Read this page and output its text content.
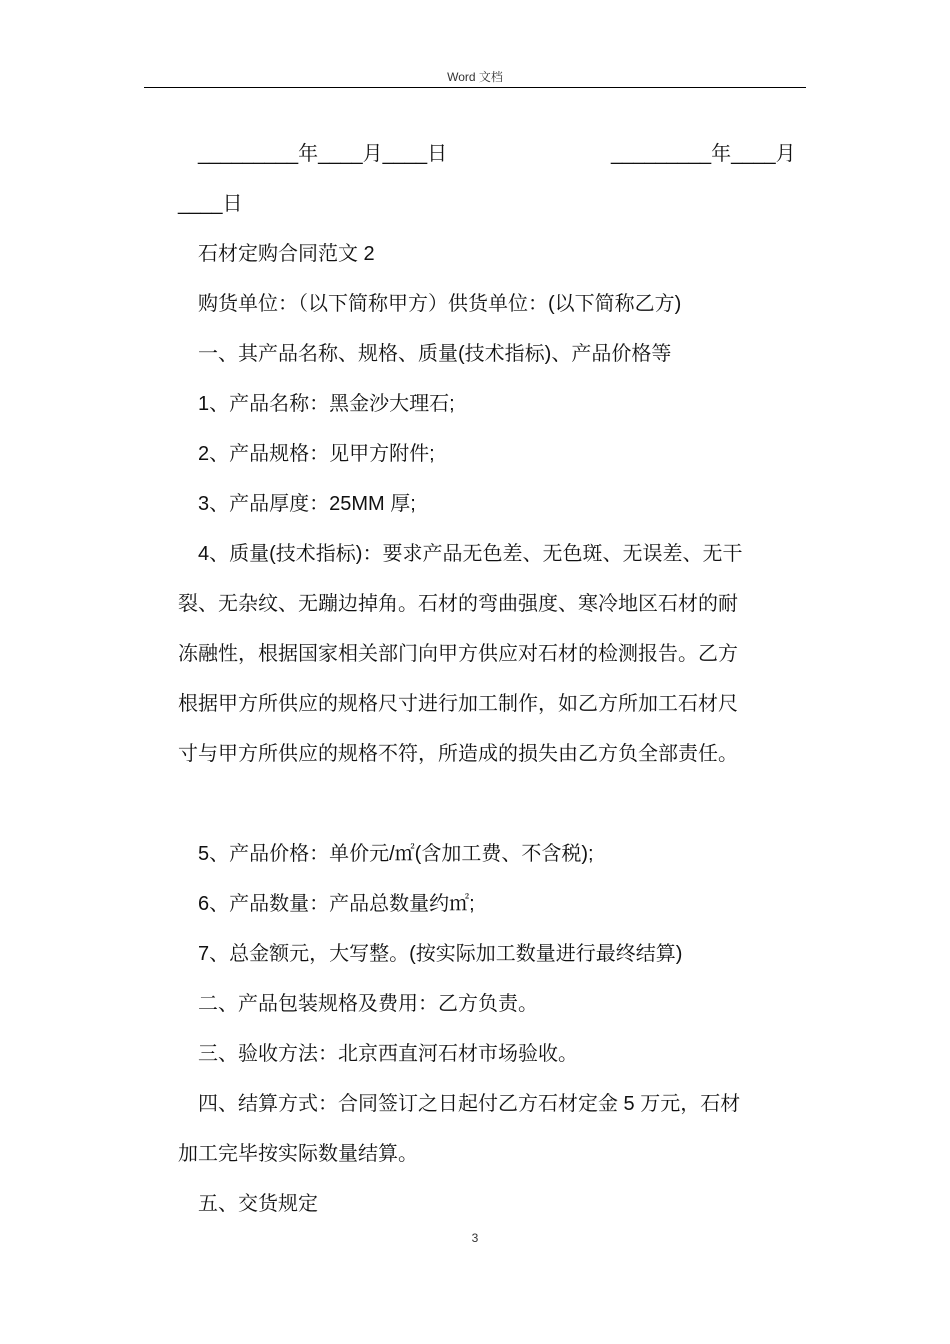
Word 文档
_________年____月____日	_________年____月
____日
石材定购合同范文 2
购货单位：（以下简称甲方）供货单位：(以下简称乙方)
一、其产品名称、规格、质量(技术指标)、产品价格等
1、产品名称：黑金沙大理石;
2、产品规格：见甲方附件;
3、产品厚度：25MM 厚;
4、质量(技术指标)：要求产品无色差、无色斑、无误差、无干
裂、无杂纹、无蹦边掉角。石材的弯曲强度、寒冷地区石材的耐
冻融性，根据国家相关部门向甲方供应对石材的检测报告。乙方
根据甲方所供应的规格尺寸进行加工制作，如乙方所加工石材尺
寸与甲方所供应的规格不符，所造成的损失由乙方负全部责任。
5、产品价格：单价元/㎡(含加工费、不含税);
6、产品数量：产品总数量约㎡;
7、总金额元，大写整。(按实际加工数量进行最终结算)
二、产品包装规格及费用：乙方负责。
三、验收方法：北京西直河石材市场验收。
四、结算方式：合同签订之日起付乙方石材定金 5 万元，石材
加工完毕按实际数量结算。
五、交货规定
3
